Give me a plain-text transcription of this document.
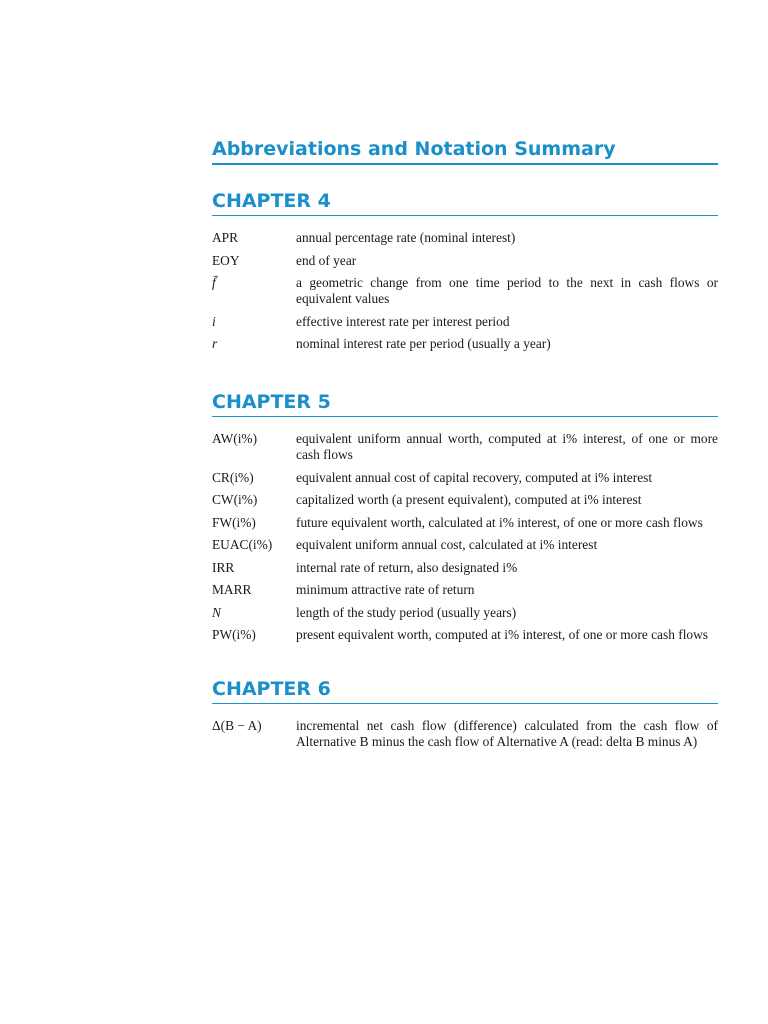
Abbreviations and Notation Summary
CHAPTER 4
APR	annual percentage rate (nominal interest)
EOY	end of year
f̄	a geometric change from one time period to the next in cash flows or equivalent values
i	effective interest rate per interest period
r	nominal interest rate per period (usually a year)
CHAPTER 5
AW(i%)	equivalent uniform annual worth, computed at i% interest, of one or more cash flows
CR(i%)	equivalent annual cost of capital recovery, computed at i% interest
CW(i%)	capitalized worth (a present equivalent), computed at i% interest
FW(i%)	future equivalent worth, calculated at i% interest, of one or more cash flows
EUAC(i%)	equivalent uniform annual cost, calculated at i% interest
IRR	internal rate of return, also designated i%
MARR	minimum attractive rate of return
N	length of the study period (usually years)
PW(i%)	present equivalent worth, computed at i% interest, of one or more cash flows
CHAPTER 6
Δ(B − A)	incremental net cash flow (difference) calculated from the cash flow of Alternative B minus the cash flow of Alternative A (read: delta B minus A)
